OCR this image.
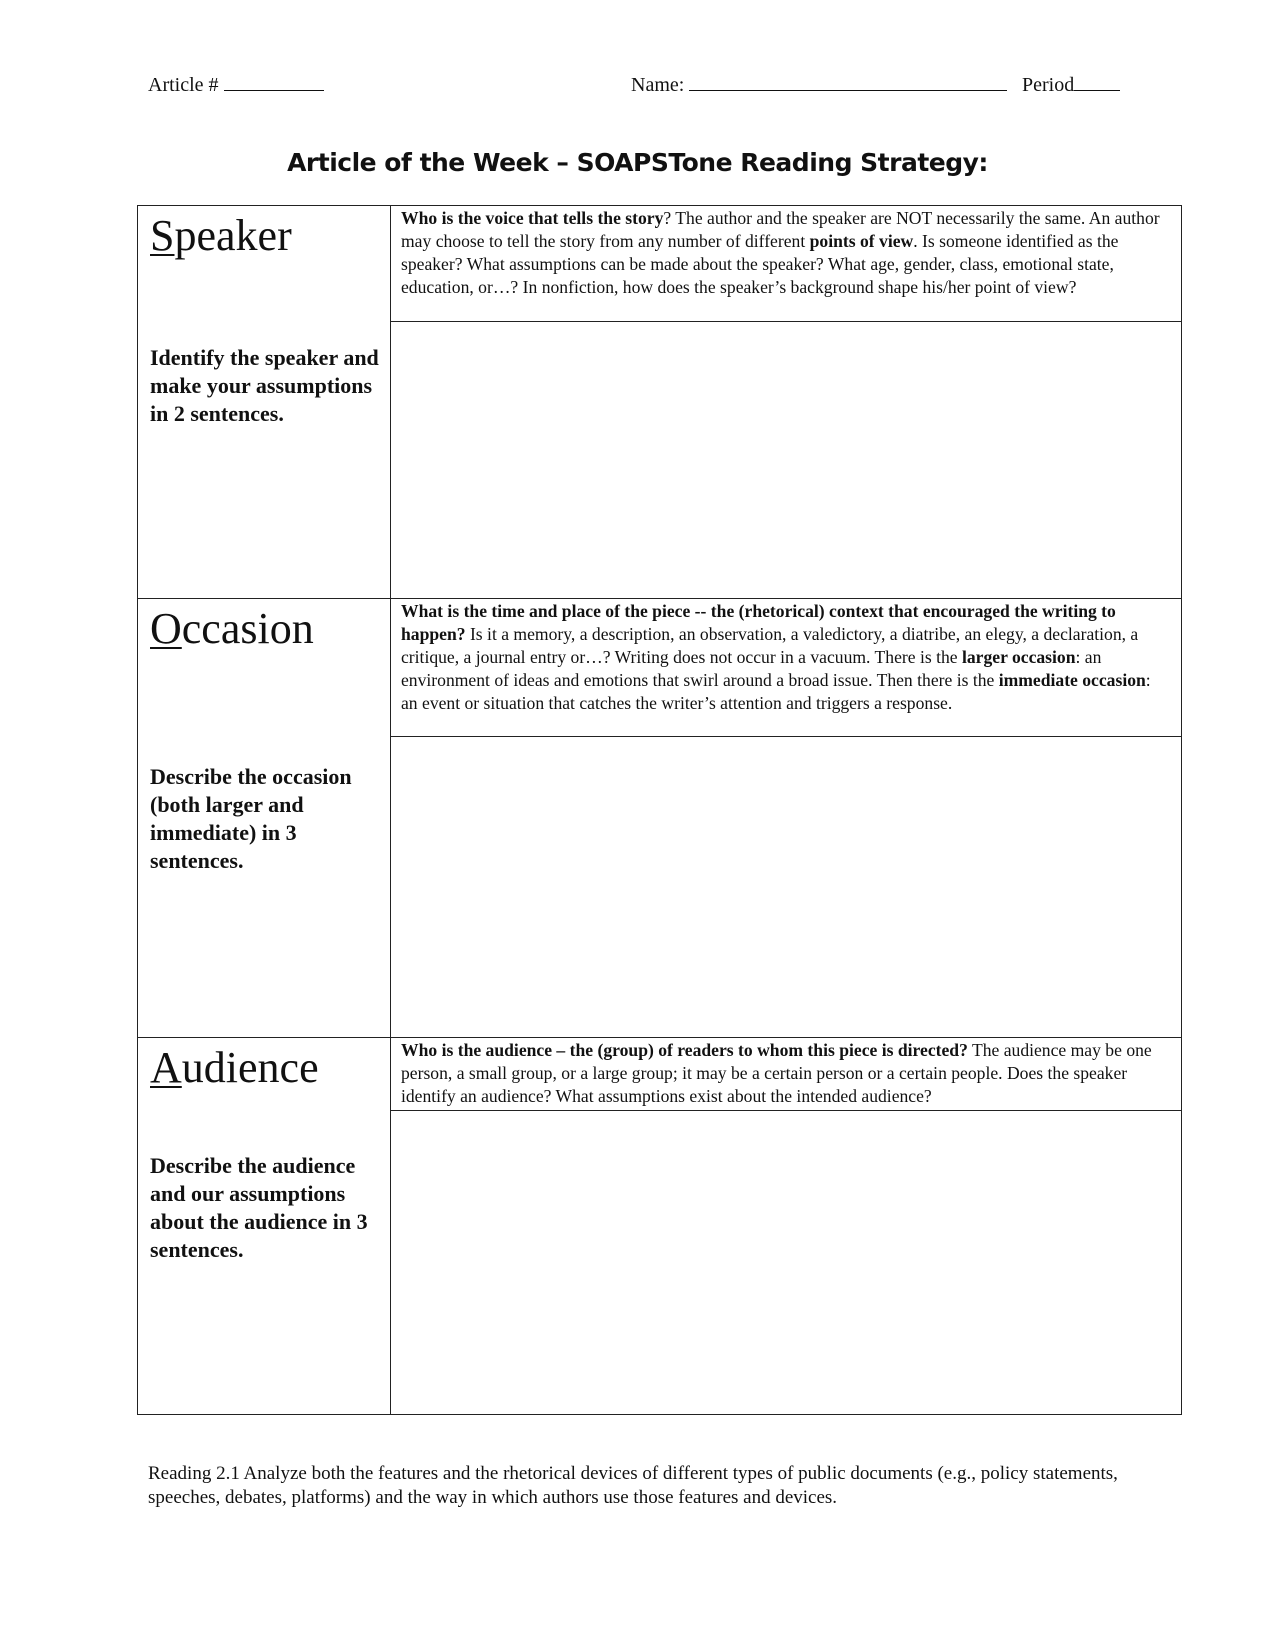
Article #	Name:	Period
Article of the Week – SOAPSTone Reading Strategy:
Speaker
Identify the speaker and make your assumptions in 2 sentences.	Who is the voice that tells the story? The author and the speaker are NOT necessarily the same. An author may choose to tell the story from any number of different points of view. Is someone identified as the speaker? What assumptions can be made about the speaker? What age, gender, class, emotional state, education, or…? In nonfiction, how does the speaker’s background shape his/her point of view?

Occasion
Describe the occasion (both larger and immediate) in 3 sentences.	What is the time and place of the piece -- the (rhetorical) context that encouraged the writing to happen? Is it a memory, a description, an observation, a valedictory, a diatribe, an elegy, a declaration, a critique, a journal entry or…? Writing does not occur in a vacuum. There is the larger occasion: an environment of ideas and emotions that swirl around a broad issue. Then there is the immediate occasion: an event or situation that catches the writer’s attention and triggers a response.

Audience
Describe the audience and our assumptions about the audience in 3 sentences.	Who is the audience – the (group) of readers to whom this piece is directed? The audience may be one person, a small group, or a large group; it may be a certain person or a certain people. Does the speaker identify an audience? What assumptions exist about the intended audience?

Reading 2.1 Analyze both the features and the rhetorical devices of different types of public documents (e.g., policy statements, speeches, debates, platforms) and the way in which authors use those features and devices.
